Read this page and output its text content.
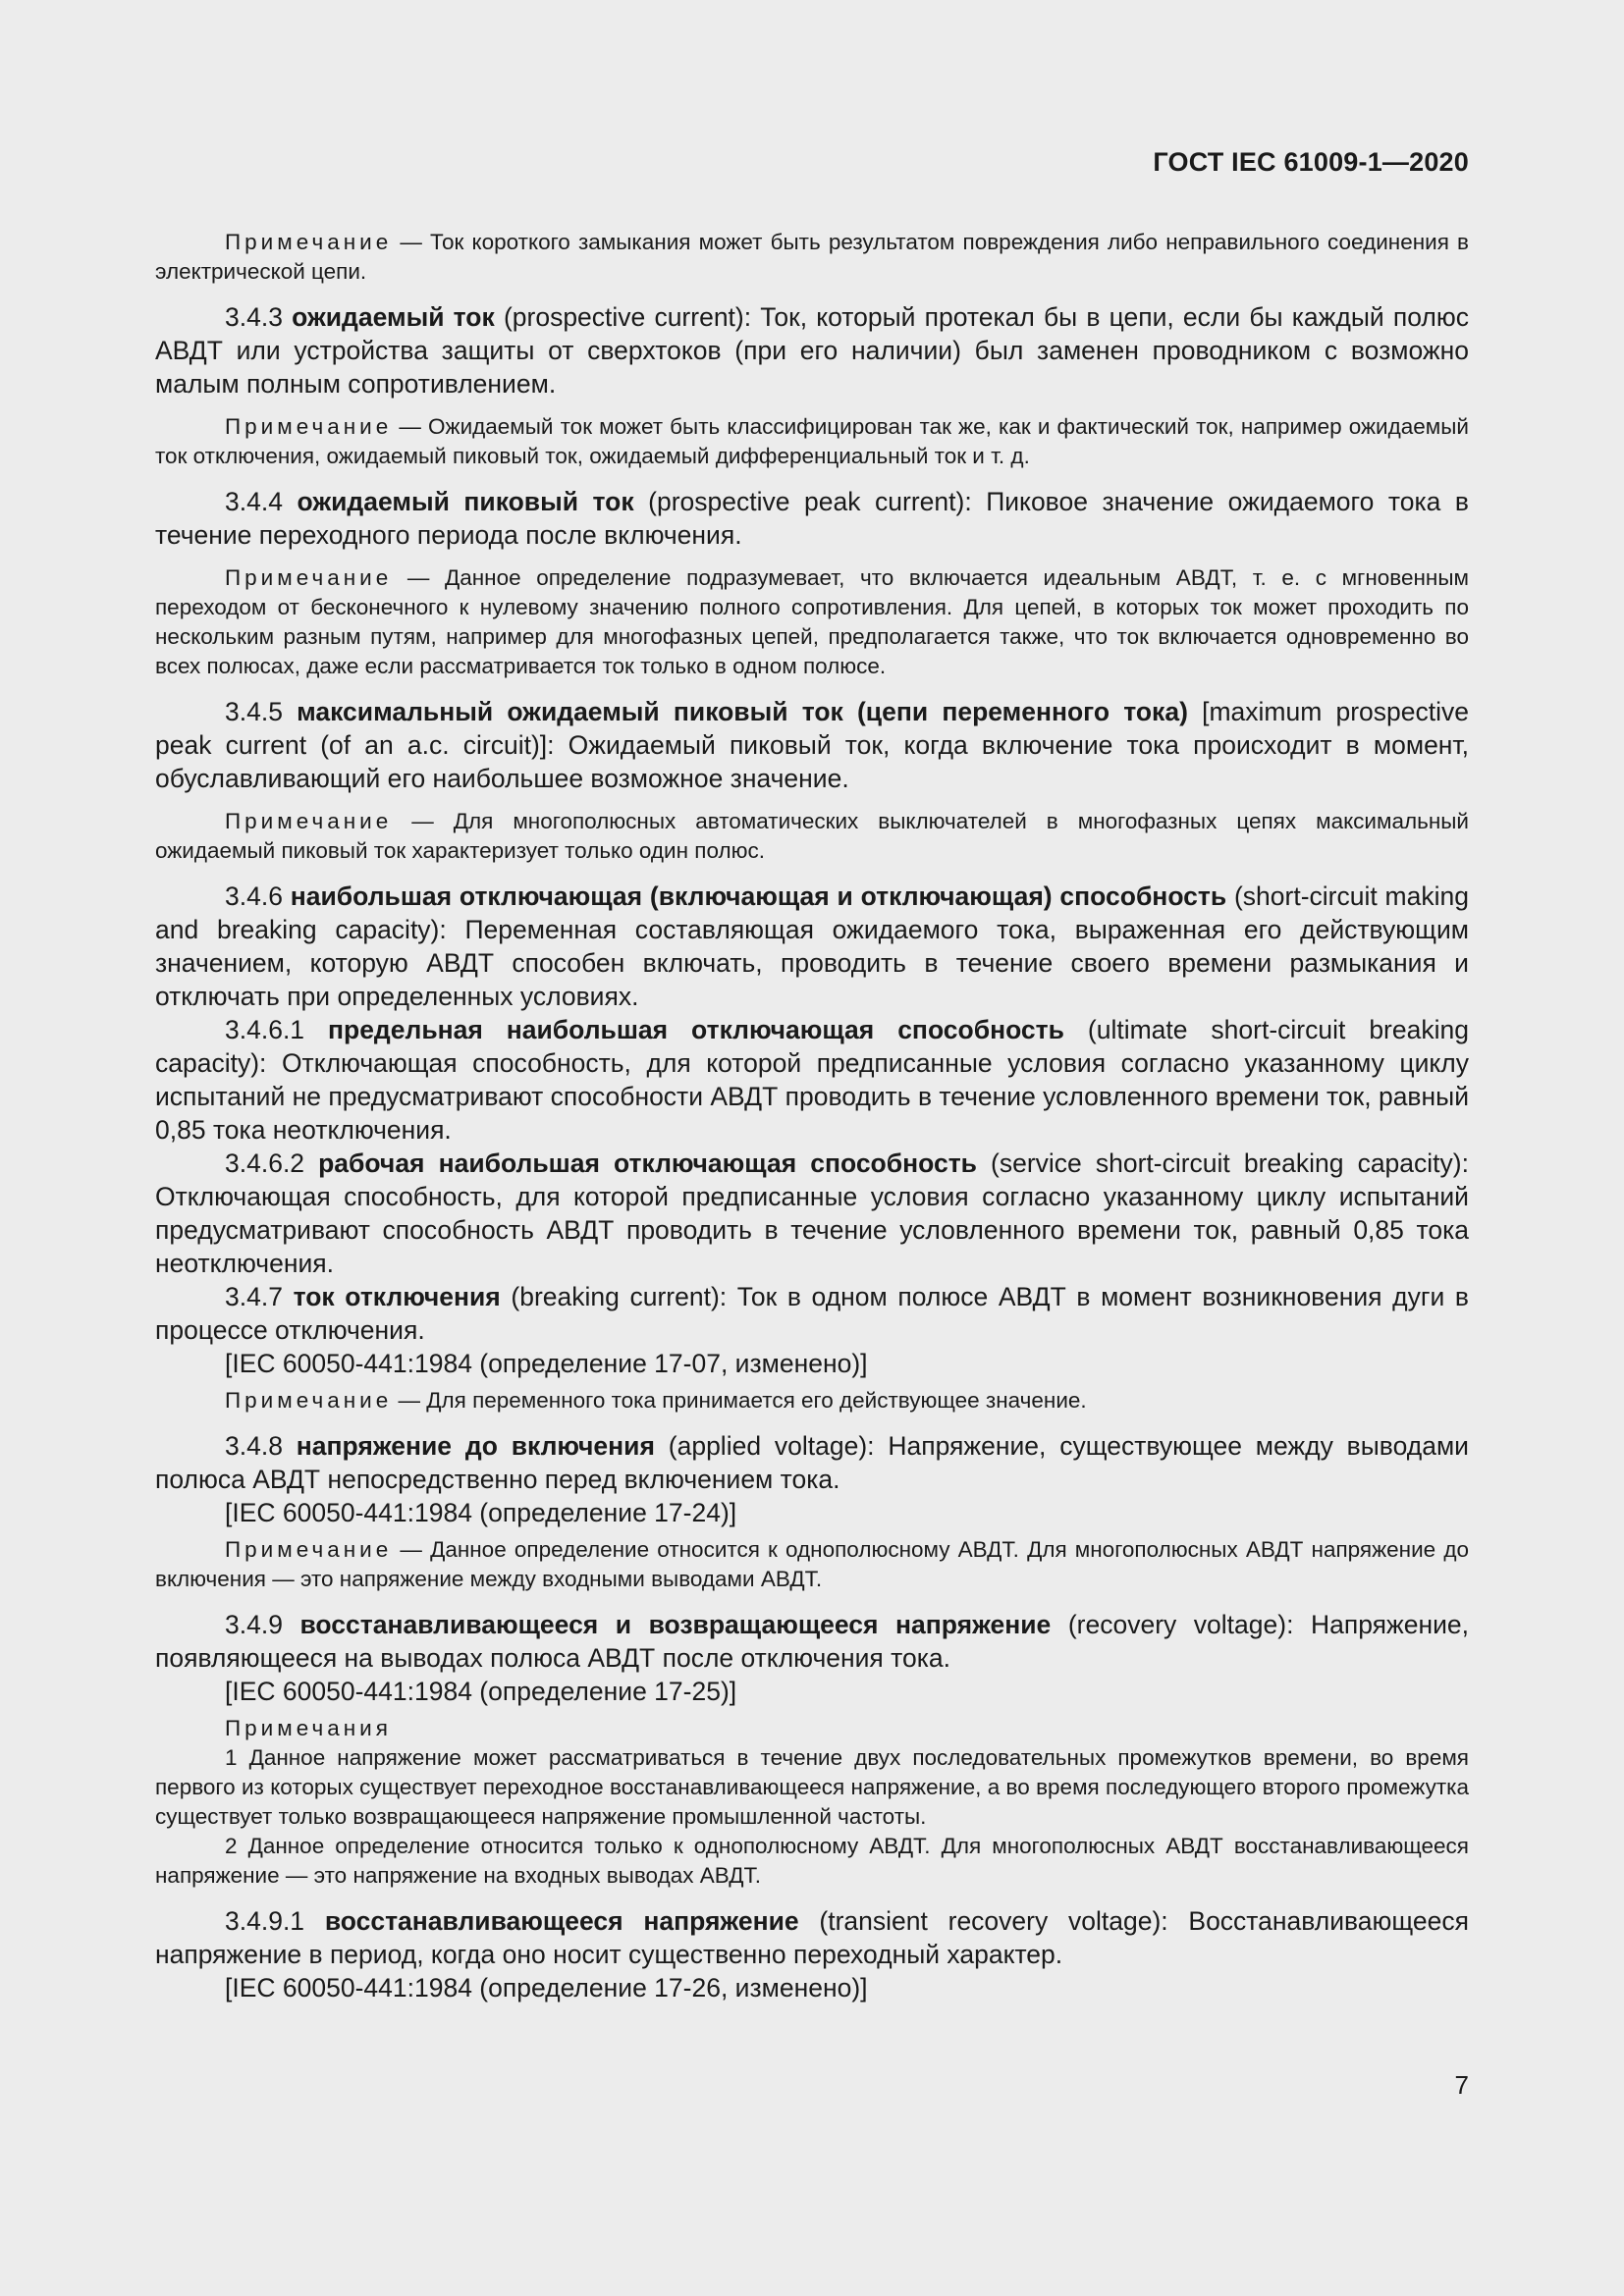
ГОСТ IEC 61009-1—2020

Примечание — Ток короткого замыкания может быть результатом повреждения либо неправильного соединения в электрической цепи.

3.4.3 ожидаемый ток (prospective current): Ток, который протекал бы в цепи, если бы каждый полюс АВДТ или устройства защиты от сверхтоков (при его наличии) был заменен проводником с возможно малым полным сопротивлением.

Примечание — Ожидаемый ток может быть классифицирован так же, как и фактический ток, например ожидаемый ток отключения, ожидаемый пиковый ток, ожидаемый дифференциальный ток и т. д.

3.4.4 ожидаемый пиковый ток (prospective peak current): Пиковое значение ожидаемого тока в течение переходного периода после включения.

Примечание — Данное определение подразумевает, что включается идеальным АВДТ, т. е. с мгновенным переходом от бесконечного к нулевому значению полного сопротивления. Для цепей, в которых ток может проходить по нескольким разным путям, например для многофазных цепей, предполагается также, что ток включается одновременно во всех полюсах, даже если рассматривается ток только в одном полюсе.

3.4.5 максимальный ожидаемый пиковый ток (цепи переменного тока) [maximum prospective peak current (of an a.c. circuit)]: Ожидаемый пиковый ток, когда включение тока происходит в момент, обуславливающий его наибольшее возможное значение.

Примечание — Для многополюсных автоматических выключателей в многофазных цепях максимальный ожидаемый пиковый ток характеризует только один полюс.

3.4.6 наибольшая отключающая (включающая и отключающая) способность (short-circuit making and breaking capacity): Переменная составляющая ожидаемого тока, выраженная его действующим значением, которую АВДТ способен включать, проводить в течение своего времени размыкания и отключать при определенных условиях.

3.4.6.1 предельная наибольшая отключающая способность (ultimate short-circuit breaking capacity): Отключающая способность, для которой предписанные условия согласно указанному циклу испытаний не предусматривают способности АВДТ проводить в течение условленного времени ток, равный 0,85 тока неотключения.

3.4.6.2 рабочая наибольшая отключающая способность (service short-circuit breaking capacity): Отключающая способность, для которой предписанные условия согласно указанному циклу испытаний предусматривают способность АВДТ проводить в течение условленного времени ток, равный 0,85 тока неотключения.

3.4.7 ток отключения (breaking current): Ток в одном полюсе АВДТ в момент возникновения дуги в процессе отключения.

[IEC 60050-441:1984 (определение 17-07, изменено)]

Примечание — Для переменного тока принимается его действующее значение.

3.4.8 напряжение до включения (applied voltage): Напряжение, существующее между выводами полюса АВДТ непосредственно перед включением тока.

[IEC 60050-441:1984 (определение 17-24)]

Примечание — Данное определение относится к однополюсному АВДТ. Для многополюсных АВДТ напряжение до включения — это напряжение между входными выводами АВДТ.

3.4.9 восстанавливающееся и возвращающееся напряжение (recovery voltage): Напряжение, появляющееся на выводах полюса АВДТ после отключения тока.

[IEC 60050-441:1984 (определение 17-25)]

Примечания

1 Данное напряжение может рассматриваться в течение двух последовательных промежутков времени, во время первого из которых существует переходное восстанавливающееся напряжение, а во время последующего второго промежутка существует только возвращающееся напряжение промышленной частоты.

2 Данное определение относится только к однополюсному АВДТ. Для многополюсных АВДТ восстанавливающееся напряжение — это напряжение на входных выводах АВДТ.

3.4.9.1 восстанавливающееся напряжение (transient recovery voltage): Восстанавливающееся напряжение в период, когда оно носит существенно переходный характер.

[IEC 60050-441:1984 (определение 17-26, изменено)]

7
